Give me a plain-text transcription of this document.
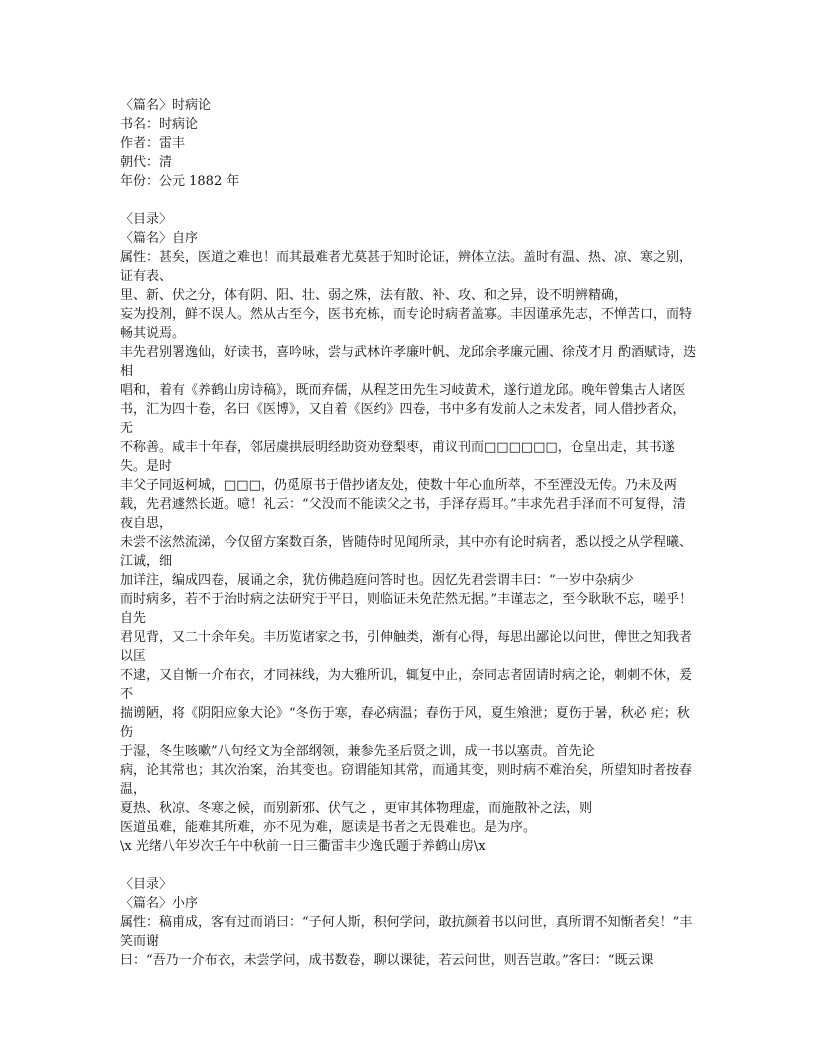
〈篇名〉时病论

书名：时病论

作者：雷丰

朝代：清

年份：公元 1882 年

〈目录〉

〈篇名〉自序

属性：甚矣，医道之难也！而其最难者尤莫甚于知时论证，辨体立法。盖时有温、热、凉、寒之别，证有表、

里、新、伏之分，体有阴、阳、壮、弱之殊，法有散、补、攻、和之异，设不明辨精确，

妄为投剂，鲜不误人。然从古至今，医书充栋，而专论时病者盖寡。丰因谨承先志，不惮苦口，而特畅其说焉。

丰先君别署逸仙，好读书，喜吟咏，尝与武林许孝廉叶帆、龙邱余孝廉元圃、徐茂才月 酌酒赋诗，迭相

唱和，着有《养鹤山房诗稿》，既而弃儒，从程芝田先生习岐黄术，遂行道龙邱。晚年曾集古人诸医书，汇为四十卷，名曰《医博》，又自着《医约》四卷，书中多有发前人之未发者，同人借抄者众，无

不称善。咸丰十年春，邻居虞拱辰明经助资劝登梨枣，甫议刊而□□□□□□，仓皇出走，其书遂失。是时

丰父子同返柯城，□□□，仍觅原书于借抄诸友处，使数十年心血所萃，不至湮没无传。乃未及两

载，先君遽然长逝。噫！礼云：“父没而不能读父之书，手泽存焉耳。”丰求先君手泽而不可复得，清夜自思，

未尝不泫然流涕，今仅留方案数百条，皆随侍时见闻所录，其中亦有论时病者，悉以授之从学程曦、江诚，细

加详注，编成四卷，展诵之余，犹仿佛趋庭问答时也。因忆先君尝谓丰曰：“一岁中杂病少

而时病多，若不于治时病之法研究于平日，则临证未免茫然无据。”丰谨志之，至今耿耿不忘，嗟乎！自先

君见背，又二十余年矣。丰历览诸家之书，引伸触类，渐有心得，每思出鄙论以问世，俾世之知我者以匡

不逮，又自惭一介布衣，才同袜线，为大雅所讥，辄复中止，奈同志者固请时病之论，刺刺不休，爰不

揣谫陋，将《阴阳应象大论》“冬伤于寒，春必病温；春伤于风，夏生飧泄；夏伤于暑，秋必 疟；秋伤

于湿，冬生咳嗽”八句经文为全部纲领，兼参先圣后贤之训，成一书以塞责。首先论

病，论其常也；其次治案，治其变也。窃谓能知其常，而通其变，则时病不难治矣，所望知时者按春温，

夏热、秋凉、冬寒之候，而别新邪、伏气之 ，更审其体物理虚，而施散补之法，则

医道虽难，能难其所难，亦不见为难，愿读是书者之无畏难也。是为序。

\x 光绪八年岁次壬午中秋前一日三衢雷丰少逸氏题于养鹤山房\x

〈目录〉

〈篇名〉小序

属性：稿甫成，客有过而诮曰：“子何人斯，积何学问，敢抗颜着书以问世，真所谓不知惭者矣！”丰笑而谢

曰：“吾乃一介布衣，未尝学问，成书数卷，聊以课徒，若云问世，则吾岂敢。”客曰：“既云课
